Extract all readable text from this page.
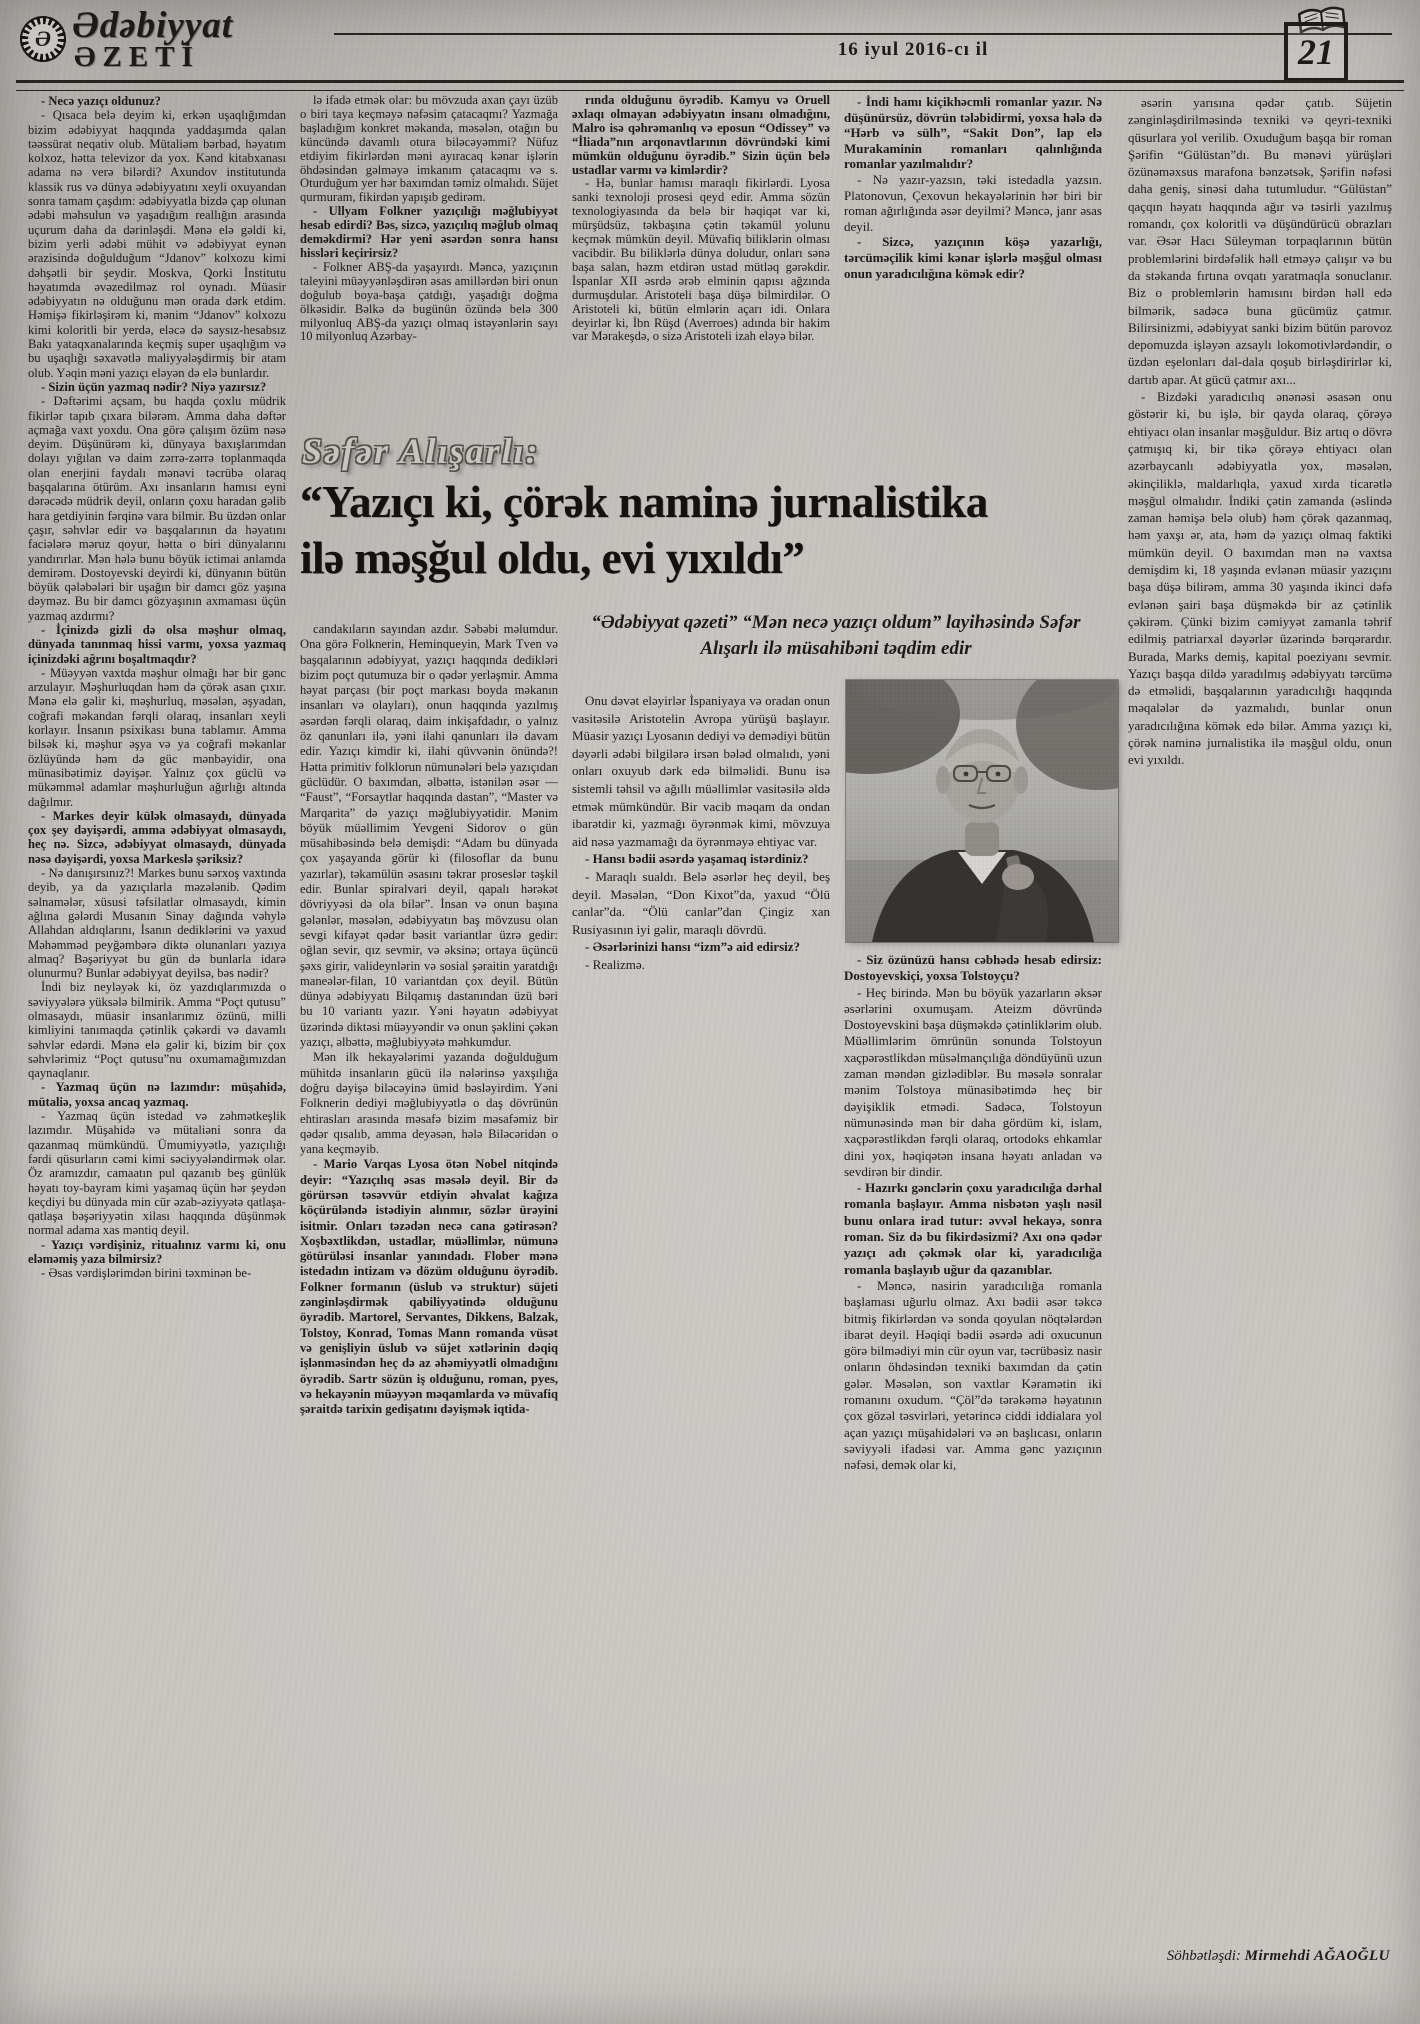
Ə Ədəbiyyat
ƏZETİ	16 iyul 2016-cı il	21

- Necə yazıçı oldunuz?

- Qısaca belə deyim ki, erkən uşaqlığımdan bizim ədəbiyyat haqqında yaddaşımda qalan təəssürat neqativ olub. Mütaliəm bərbad, həyatım kolxoz, hətta televizor da yox. Kənd kitabxanası adama nə verə bilərdi? Axundov institutunda klassik rus və dünya ədəbiyyatını xeyli oxuyandan sonra tamam çaşdım: ədəbiyyatla bizdə çap olunan ədəbi məhsulun və yaşadığım reallığın arasında uçurum daha da dərinləşdi. Mənə elə gəldi ki, bizim yerli ədəbi mühit və ədəbiyyat eynən ərazisində doğulduğum “Jdanov” kolxozu kimi dəhşətli bir şeydir. Moskva, Qorki İnstitutu həyatımda əvəzedilməz rol oynadı. Müasir ədəbiyyatın nə olduğunu mən orada dərk etdim. Həmişə fikirləşirəm ki, mənim “Jdanov” kolxozu kimi koloritli bir yerdə, eləcə də saysız-hesabsız Bakı yataqxanalarında keçmiş super uşaqlığım və bu uşaqlığı səxavətlə maliyyələşdirmiş bir atam olub. Yəqin məni yazıçı eləyən də elə bunlardır.

- Sizin üçün yazmaq nədir? Niyə yazırsız?

- Dəftərimi açsam, bu haqda çoxlu müdrik fikirlər tapıb çıxara bilərəm. Amma daha dəftər açmağa vaxt yoxdu. Ona görə çalışım özüm nəsə deyim. Düşünürəm ki, dünyaya baxışlarımdan dolayı yığılan və daim zərrə-zərrə toplanmaqda olan enerjini faydalı mənəvi təcrübə olaraq başqalarına ötürüm. Axı insanların hamısı eyni dərəcədə müdrik deyil, onların çoxu haradan gəlib hara getdiyinin fərqinə vara bilmir. Bu üzdən onlar çaşır, səhvlər edir və başqalarının da həyatını faciələrə məruz qoyur, hətta o biri dünyalarını yandırırlar. Mən hələ bunu böyük ictimai anlamda demirəm. Dostoyevski deyirdi ki, dünyanın bütün böyük qələbələri bir uşağın bir damcı göz yaşına dəyməz. Bu bir damcı gözyaşının axmaması üçün yazmaq azdırmı?

- İçinizdə gizli də olsa məşhur olmaq, dünyada tanınmaq hissi varmı, yoxsa yazmaq içinizdəki ağrını boşaltmaqdır?

- Müəyyən vaxtda məşhur olmağı hər bir gənc arzulayır. Məşhurluqdan həm də çörək asan çıxır. Mənə elə gəlir ki, məşhurluq, məsələn, əşyadan, coğrafi məkandan fərqli olaraq, insanları xeyli korlayır. İnsanın psixikası buna tablamır. Amma bilsək ki, məşhur əşya və ya coğrafi məkanlar özlüyündə həm də güc mənbəyidir, ona münasibətimiz dəyişər. Yalnız çox güclü və mükəmməl adamlar məşhurluğun ağırlığı altında dağılmır.

- Markes deyir külək olmasaydı, dünyada çox şey dəyişərdi, amma ədəbiyyat olmasaydı, heç nə. Sizcə, ədəbiyyat olmasaydı, dünyada nəsə dəyişərdi, yoxsa Markeslə şəriksiz?

- Nə danışırsınız?! Markes bunu sərxoş vaxtında deyib, ya da yazıçılarla məzələnib. Qədim səlnamələr, xüsusi təfsilatlar olmasaydı, kimin ağlına gələrdi Musanın Sinay dağında vəhylə Allahdan aldıqlarını, İsanın dediklərini və yaxud Məhəmməd peyğəmbərə diktə olunanları yazıya almaq? Bəşəriyyət bu gün də bunlarla idarə olunurmu? Bunlar ədəbiyyat deyilsə, bəs nədir?

İndi biz neyləyək ki, öz yazdıqlarımızda o səviyyələrə yüksələ bilmirik. Amma “Poçt qutusu” olmasaydı, müasir insanlarımız özünü, milli kimliyini tanımaqda çətinlik çəkərdi və davamlı səhvlər edərdi. Mənə elə gəlir ki, bizim bir çox səhvlərimiz “Poçt qutusu”nu oxumamağımızdan qaynaqlanır.

- Yazmaq üçün nə lazımdır: müşahidə, mütaliə, yoxsa ancaq yazmaq.

- Yazmaq üçün istedad və zəhmətkeşlik lazımdır. Müşahidə və mütaliəni sonra da qazanmaq mümkündü. Ümumiyyətlə, yazıçılığı fərdi qüsurların cəmi kimi səciyyələndirmək olar. Öz aramızdır, camaatın pul qazanıb beş günlük həyatı toy-bayram kimi yaşamaq üçün hər şeydən keçdiyi bu dünyada min cür əzab-əziyyətə qatlaşa-qatlaşa bəşəriyyətin xilası haqqında düşünmək normal adama xas məntiq deyil.

- Yazıçı vərdişiniz, ritualınız varmı ki, onu eləməmiş yaza bilmirsiz?

- Əsas vərdişlərimdən birini təxminən be-

lə ifadə etmək olar: bu mövzuda axan çayı üzüb o biri taya keçməyə nəfəsim çatacaqmı? Yazmağa başladığım konkret məkanda, məsələn, otağın bu küncündə davamlı otura biləcəyəmmi? Nüfuz etdiyim fikirlərdən məni ayıracaq kənar işlərin öhdəsindən gəlməyə imkanım çatacaqmı və s. Oturduğum yer hər baxımdan təmiz olmalıdı. Süjet qurmuram, fikirdən yapışıb gedirəm.

- Ullyam Folkner yazıçılığı məğlubiyyət hesab edirdi? Bəs, sizcə, yazıçılıq məğlub olmaq deməkdirmi? Hər yeni əsərdən sonra hansı hissləri keçirirsiz?

- Folkner ABŞ-da yaşayırdı. Məncə, yazıçının taleyini müəyyənləşdirən əsas amillərdən biri onun doğulub boya-başa çatdığı, yaşadığı doğma ölkəsidir. Bəlkə də bugünün özündə belə 300 milyonluq ABŞ-da yazıçı olmaq istəyənlərin sayı 10 milyonluq Azərbay-

candakıların sayından azdır. Səbəbi məlumdur. Ona görə Folknerin, Heminqueyin, Mark Tven və başqalarının ədəbiyyat, yazıçı haqqında dedikləri bizim poçt qutumuza bir o qədər yerləşmir. Amma həyat parçası (bir poçt markası boyda məkanın insanları və olayları), onun haqqında yazılmış əsərdən fərqli olaraq, daim inkişafdadır, o yalnız öz qanunları ilə, yəni ilahi qanunları ilə davam edir. Yazıçı kimdir ki, ilahi qüvvənin önündə?! Hətta primitiv folklorun nümunələri belə yazıçıdan güclüdür. O baxımdan, əlbəttə, istənilən əsər — “Faust”, “Forsaytlar haqqında dastan”, “Master və Marqarita” də yazıçı məğlubiyyətidir. Mənim böyük müəllimim Yevgeni Sidorov o gün müsahibəsində belə demişdi: “Adam bu dünyada çox yaşayanda görür ki (filosoflar da bunu yazırlar), təkamülün əsasını təkrar proseslər təşkil edir. Bunlar spiralvari deyil, qapalı hərəkət dövriyyəsi də ola bilər”. İnsan və onun başına gələnlər, məsələn, ədəbiyyatın baş mövzusu olan sevgi kifayət qədər bəsit variantlar üzrə gedir: oğlan sevir, qız sevmir, və əksinə; ortaya üçüncü şəxs girir, valideynlərin və sosial şəraitin yaratdığı maneələr-filan, 10 variantdan çox deyil. Bütün dünya ədəbiyyatı Bilqamış dastanından üzü bəri bu 10 variantı yazır. Yəni həyatın ədəbiyyat üzərində diktəsi müəyyəndir və onun şəklini çəkən yazıçı, əlbəttə, məğlubiyyətə məhkumdur.

Mən ilk hekayələrimi yazanda doğulduğum mühitdə insanların gücü ilə nələrinsə yaxşılığa doğru dəyişə biləcəyinə ümid bəsləyirdim. Yəni Folknerin dediyi məğlubiyyətlə o daş dövrünün ehtirasları arasında məsafə bizim məsafəmiz bir qədər qısalıb, amma deyəsən, hələ Biləcəridən o yana keçməyib.

- Mario Varqas Lyosa ötən Nobel nitqində deyir: “Yazıçılıq əsas məsələ deyil. Bir də görürsən təsəvvür etdiyin əhvalat kağıza köçürüləndə istədiyin alınmır, sözlər ürəyini isitmir. Onları təzədən necə cana gətirəsən? Xoşbəxtlikdən, ustadlar, müəllimlər, nümunə götürüləsi insanlar yanındadı. Flober mənə istedadın intizam və dözüm olduğunu öyrədib. Folkner formanın (üslub və struktur) süjeti zənginləşdirmək qabiliyyətində olduğunu öyrədib. Martorel, Servantes, Dikkens, Balzak, Tolstoy, Konrad, Tomas Mann romanda vüsət və genişliyin üslub və süjet xətlərinin dəqiq işlənməsindən heç də az əhəmiyyətli olmadığını öyrədib. Sartr sözün iş olduğunu, roman, pyes, və hekayənin müəyyən məqamlarda və müvafiq şəraitdə tarixin gedişatını dəyişmək iqtida-

rında olduğunu öyrədib. Kamyu və Oruell əxlaqı olmayan ədəbiyyatın insanı olmadığını, Malro isə qəhrəmanlıq və eposun “Odissey” və “İliada”nın arqonavtlarının dövründəki kimi mümkün olduğunu öyrədib.” Sizin üçün belə ustadlar varmı və kimlərdir?

- Hə, bunlar hamısı maraqlı fikirlərdi. Lyosa sanki texnoloji prosesi qeyd edir. Amma sözün texnologiyasında da belə bir həqiqət var ki, mürşüdsüz, təkbaşına çətin təkamül yolunu keçmək mümkün deyil. Müvafiq biliklərin olması vacibdir. Bu biliklərlə dünya doludur, onları sənə başa salan, həzm etdirən ustad mütləq gərəkdir. İspanlar XII əsrdə ərəb elminin qapısı ağzında durmuşdular. Aristoteli başa düşə bilmirdilər. O Aristoteli ki, bütün elmlərin açarı idi. Onlara deyirlər ki, İbn Rüşd (Averroes) adında bir hakim var Mərakeşdə, o sizə Aristoteli izah eləyə bilər.

Onu dəvət eləyirlər İspaniyaya və oradan onun vasitəsilə Aristotelin Avropa yürüşü başlayır. Müasir yazıçı Lyosanın dediyi və demədiyi bütün dəyərli ədəbi bilgilərə irsən bələd olmalıdı, yəni onları oxuyub dərk edə bilməlidi. Bunu isə sistemli təhsil və ağıllı müəllimlər vasitəsilə əldə etmək mümkündür. Bir vacib məqam da ondan ibarətdir ki, yazmağı öyrənmək kimi, mövzuya aid nəsə yazmamağı da öyrənməyə ehtiyac var.

- Hansı bədii əsərdə yaşamaq istərdiniz?

- Maraqlı sualdı. Belə əsərlər heç deyil, beş deyil. Məsələn, “Don Kixot”da, yaxud “Ölü canlar”da. “Ölü canlar”dan Çingiz xan Rusiyasının iyi gəlir, maraqlı dövrdü.

- Əsərlərinizi hansı “izm”ə aid edirsiz?

- Realizmə.

- İndi hamı kiçikhəcmli romanlar yazır. Nə düşünürsüz, dövrün tələbidirmi, yoxsa hələ də “Hərb və sülh”, “Sakit Don”, lap elə Murakaminin romanları qalınlığında romanlar yazılmalıdır?

- Nə yazır-yazsın, təki istedadla yazsın. Platonovun, Çexovun hekayələrinin hər biri bir roman ağırlığında əsər deyilmi? Məncə, janr əsas deyil.

- Sizcə, yazıçının köşə yazarlığı, tərcüməçilik kimi kənar işlərlə məşğul olması onun yaradıcılığına kömək edir?

- Siz özünüzü hansı cəbhədə hesab edirsiz: Dostoyevskiçi, yoxsa Tolstoyçu?

- Heç birində. Mən bu böyük yazarların əksər əsərlərini oxumuşam. Ateizm dövründə Dostoyevskini başa düşməkdə çətinliklərim olub. Müəllimlərim ömrünün sonunda Tolstoyun xaçpərəstlikdən müsəlmançılığa döndüyünü uzun zaman məndən gizlədiblər. Bu məsələ sonralar mənim Tolstoya münasibətimdə heç bir dəyişiklik etmədi. Sadəcə, Tolstoyun nümunəsində mən bir daha gördüm ki, islam, xaçpərəstlikdən fərqli olaraq, ortodoks ehkamlar dini yox, həqiqətən insana həyatı anladan və sevdirən bir dindir.

- Hazırkı gənclərin çoxu yaradıcılığa dərhal romanla başlayır. Amma nisbətən yaşlı nəsil bunu onlara irad tutur: əvvəl hekayə, sonra roman. Siz də bu fikirdəsizmi? Axı onə qədər yazıçı adı çəkmək olar ki, yaradıcılığa romanla başlayıb uğur da qazanıblar.

- Məncə, nasirin yaradıcılığa romanla başlaması uğurlu olmaz. Axı bədii əsər təkcə bitmiş fikirlərdən və sonda qoyulan nöqtələrdən ibarət deyil. Həqiqi bədii əsərdə adi oxucunun görə bilmədiyi min cür oyun var, təcrübəsiz nasir onların öhdəsindən texniki baxımdan da çətin gələr. Məsələn, son vaxtlar Kəramətin iki romanını oxudum. “Çöl”də tərəkəmə həyatının çox gözəl təsvirləri, yetərincə ciddi iddialara yol açan yazıçı müşahidələri və ən başlıcası, onların səviyyəli ifadəsi var. Amma gənc yazıçının nəfəsi, demək olar ki,

əsərin yarısına qədər çatıb. Süjetin zənginləşdirilməsində texniki və qeyri-texniki qüsurlara yol verilib. Oxuduğum başqa bir roman Şərifin “Gülüstan”dı. Bu mənəvi yürüşləri özünəməxsus marafona bənzətsək, Şərifin nəfəsi daha geniş, sinəsi daha tutumludur. “Gülüstan” qaçqın həyatı haqqında ağır və təsirli yazılmış romandı, çox koloritli və düşündürücü obrazları var. Əsər Hacı Süleyman torpaqlarının bütün problemlərini birdəfəlik həll etməyə çalışır və bu da stəkanda fırtına ovqatı yaratmaqla sonuclanır. Biz o problemlərin hamısını birdən həll edə bilmərik, sadəcə buna gücümüz çatmır. Bilirsinizmi, ədəbiyyat sanki bizim bütün parovoz depomuzda işləyən azsaylı lokomotivlərdəndir, o üzdən eşelonları dal-dala qoşub birləşdirirlər ki, dartıb apar. At gücü çatmır axı...

- Bizdəki yaradıcılıq ənənəsi əsasən onu göstərir ki, bu işlə, bir qayda olaraq, çörəyə ehtiyacı olan insanlar məşğuldur. Biz artıq o dövrə çatmışıq ki, bir tikə çörəyə ehtiyacı olan azərbaycanlı ədəbiyyatla yox, məsələn, əkinçiliklə, maldarlıqla, yaxud xırda ticarətlə məşğul olmalıdır. İndiki çətin zamanda (əslində zaman həmişə belə olub) həm çörək qazanmaq, həm yaxşı ər, ata, həm də yazıçı olmaq faktiki mümkün deyil. O baxımdan mən nə vaxtsa demişdim ki, 18 yaşında evlənən müasir yazıçını başa düşə bilirəm, amma 30 yaşında ikinci dəfə evlənən şairi başa düşməkdə bir az çətinlik çəkirəm. Çünki bizim cəmiyyət zamanla təhrif edilmiş patriarxal dəyərlər üzərində bərqərardır. Burada, Marks demiş, kapital poeziyanı sevmir. Yazıçı başqa dildə yaradılmış ədəbiyyatı tərcümə də etməlidi, başqalarının yaradıcılığı haqqında məqalələr də yazmalıdı, bunlar onun yaradıcılığına kömək edə bilər. Amma yazıçı ki, çörək naminə jurnalistika ilə məşğul oldu, onun evi yıxıldı.

Səfər Alışarlı:
“Yazıçı ki, çörək naminə jurnalistika
ilə məşğul oldu, evi yıxıldı”
“Ədəbiyyat qəzeti” “Mən necə yazıçı oldum” layihəsində Səfər Alışarlı ilə müsahibəni təqdim edir
Söhbətləşdi: Mirmehdi AĞAOĞLU
